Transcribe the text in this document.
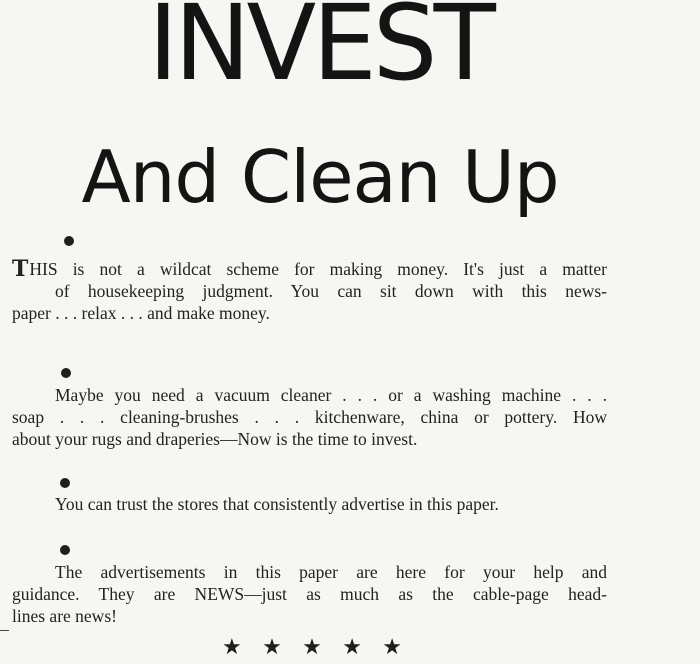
INVEST
And Clean Up
T HIS is not a wildcat scheme for making money. It's just a matter
of housekeeping judgment. You can sit down with this news-
paper . . . relax . . . and make money.
Maybe you need a vacuum cleaner . . . or a washing machine . . .
soap . . . cleaning-brushes . . . kitchenware, china or pottery. How
about your rugs and draperies—Now is the time to invest.
You can trust the stores that consistently advertise in this paper.
The advertisements in this paper are here for your help and
guidance. They are NEWS—just as much as the cable-page head-
lines are news!
★ ★ ★ ★ ★
